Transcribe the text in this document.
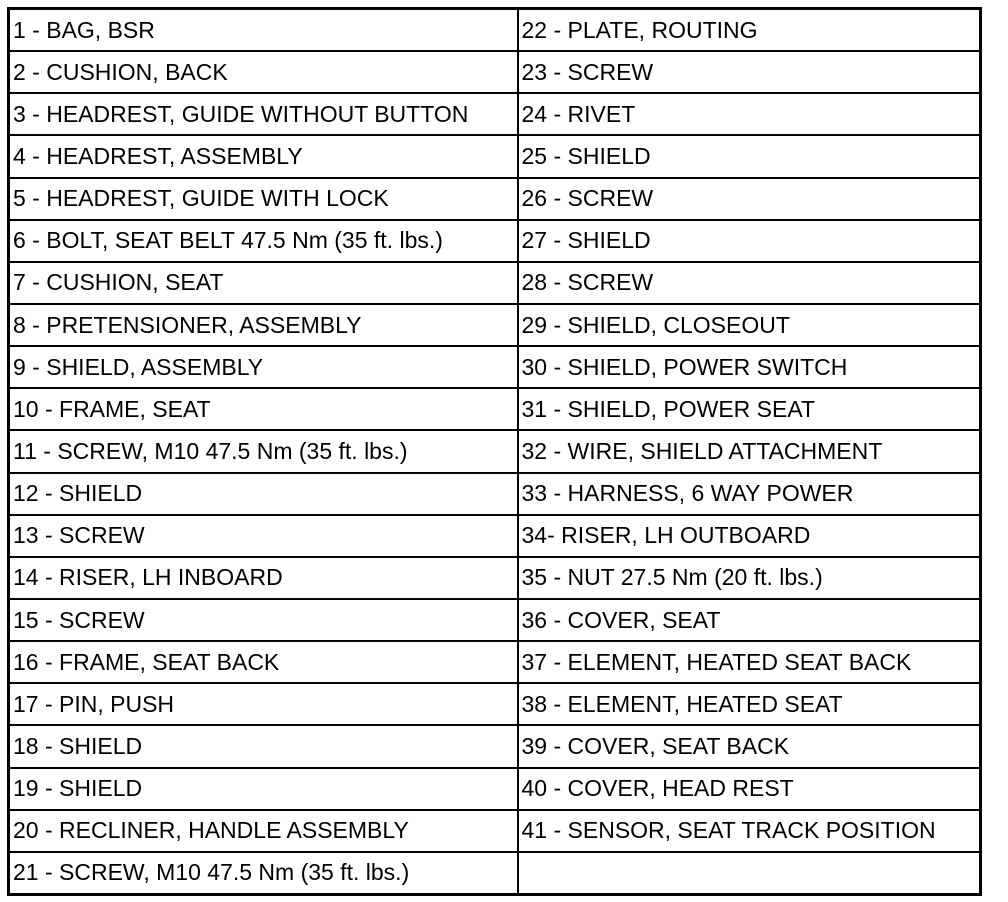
1 - BAG, BSR	22 - PLATE, ROUTING
2 - CUSHION, BACK	23 - SCREW
3 - HEADREST, GUIDE WITHOUT BUTTON	24 - RIVET
4 - HEADREST, ASSEMBLY	25 - SHIELD
5 - HEADREST, GUIDE WITH LOCK	26 - SCREW
6 - BOLT, SEAT BELT 47.5 Nm (35 ft. lbs.)	27 - SHIELD
7 - CUSHION, SEAT	28 - SCREW
8 - PRETENSIONER, ASSEMBLY	29 - SHIELD, CLOSEOUT
9 - SHIELD, ASSEMBLY	30 - SHIELD, POWER SWITCH
10 - FRAME, SEAT	31 - SHIELD, POWER SEAT
11 - SCREW, M10 47.5 Nm (35 ft. lbs.)	32 - WIRE, SHIELD ATTACHMENT
12 - SHIELD	33 - HARNESS, 6 WAY POWER
13 - SCREW	34- RISER, LH OUTBOARD
14 - RISER, LH INBOARD	35 - NUT 27.5 Nm (20 ft. lbs.)
15 - SCREW	36 - COVER, SEAT
16 - FRAME, SEAT BACK	37 - ELEMENT, HEATED SEAT BACK
17 - PIN, PUSH	38 - ELEMENT, HEATED SEAT
18 - SHIELD	39 - COVER, SEAT BACK
19 - SHIELD	40 - COVER, HEAD REST
20 - RECLINER, HANDLE ASSEMBLY	41 - SENSOR, SEAT TRACK POSITION
21 - SCREW, M10 47.5 Nm (35 ft. lbs.)	
